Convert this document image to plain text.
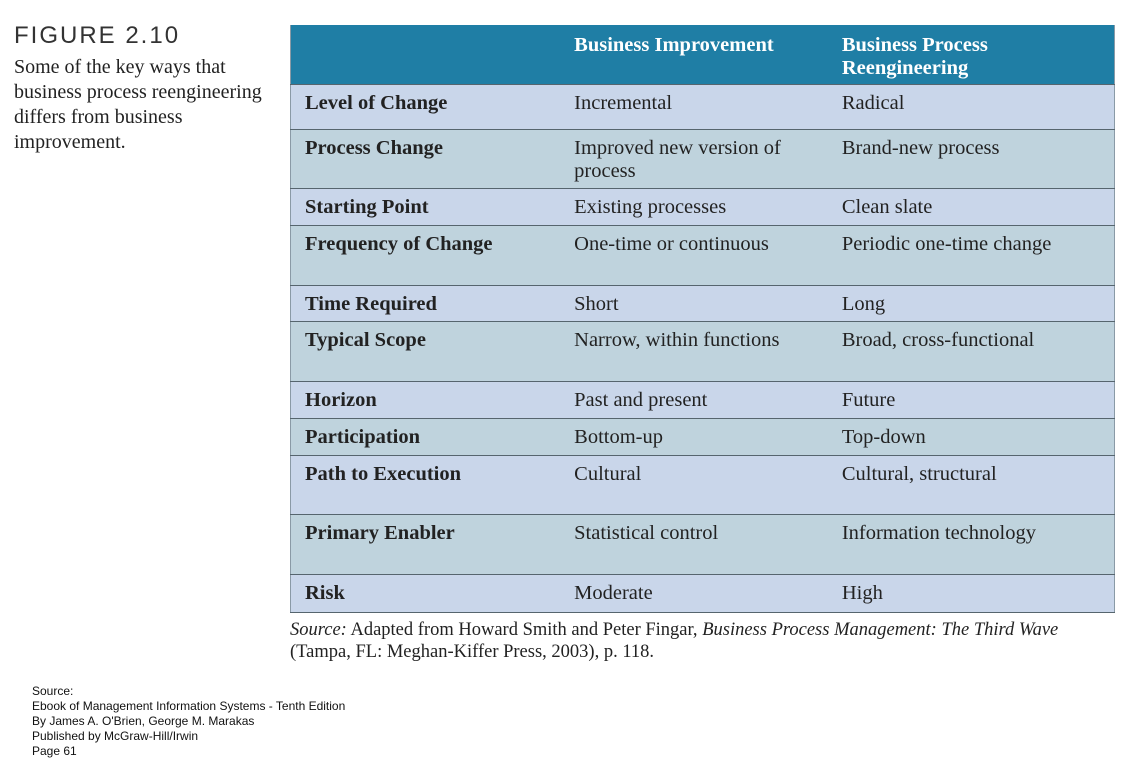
FIGURE 2.10
Some of the key ways that business process reengineering differs from business improvement.
	Business Improvement	Business Process Reengineering
Level of Change	Incremental	Radical
Process Change	Improved new version of process	Brand-new process
Starting Point	Existing processes	Clean slate
Frequency of Change	One-time or continuous	Periodic one-time change
Time Required	Short	Long
Typical Scope	Narrow, within functions	Broad, cross-functional
Horizon	Past and present	Future
Participation	Bottom-up	Top-down
Path to Execution	Cultural	Cultural, structural
Primary Enabler	Statistical control	Information technology
Risk	Moderate	High
Source: Adapted from Howard Smith and Peter Fingar, Business Process Management: The Third Wave (Tampa, FL: Meghan-Kiffer Press, 2003), p. 118.
Source:
Ebook of Management Information Systems - Tenth Edition
By James A. O'Brien, George M. Marakas
Published by McGraw-Hill/Irwin
Page 61
